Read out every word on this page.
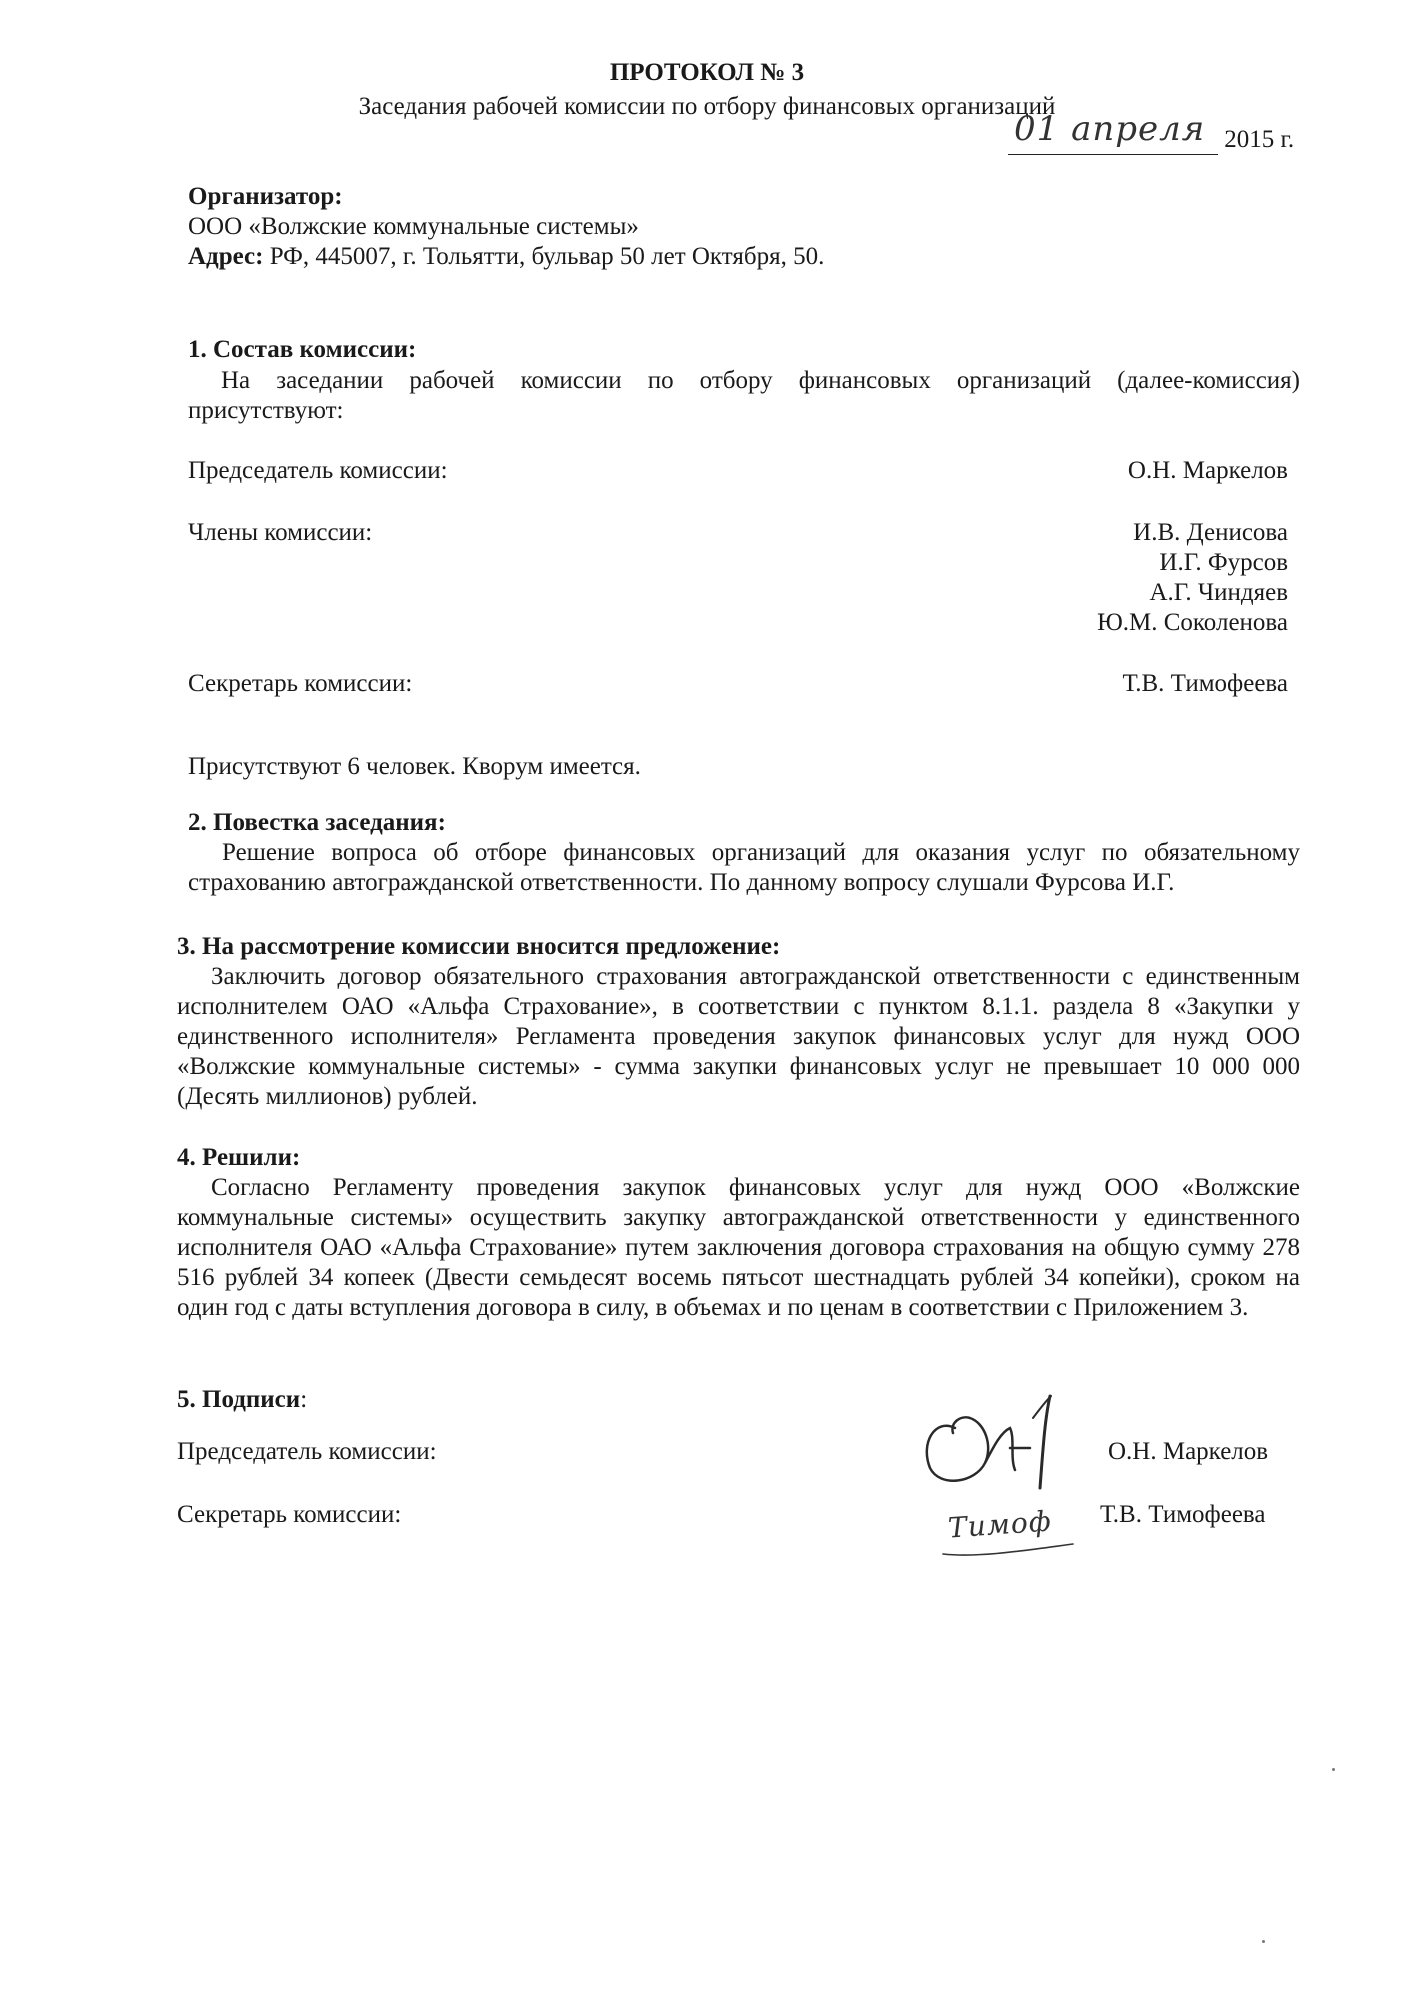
ПРОТОКОЛ № 3
Заседания рабочей комиссии по отбору финансовых организаций
01 апреля 2015 г.
Организатор:
ООО «Волжские коммунальные системы»
Адрес: РФ, 445007, г. Тольятти, бульвар 50 лет Октября, 50.
1. Состав комиссии:
На заседании рабочей комиссии по отбору финансовых организаций (далее-комиссия)
присутствуют:
Председатель комиссии:	О.Н. Маркелов
Члены комиссии:	И.В. Денисова
И.Г. Фурсов
А.Г. Чиндяев
Ю.М. Соколенова
Секретарь комиссии:	Т.В. Тимофеева
Присутствуют 6 человек. Кворум имеется.
2. Повестка заседания:
Решение вопроса об отборе финансовых организаций для оказания услуг по обязательному страхованию автогражданской ответственности. По данному вопросу слушали Фурсова И.Г.
3. На рассмотрение комиссии вносится предложение:
Заключить договор обязательного страхования автогражданской ответственности с единственным исполнителем ОАО «Альфа Страхование», в соответствии с пунктом 8.1.1. раздела 8 «Закупки у единственного исполнителя» Регламента проведения закупок финансовых услуг для нужд ООО «Волжские коммунальные системы» - сумма закупки финансовых услуг не превышает 10 000 000 (Десять миллионов) рублей.
4. Решили:
Согласно Регламенту проведения закупок финансовых услуг для нужд ООО «Волжские коммунальные системы» осуществить закупку автогражданской ответственности у единственного исполнителя ОАО «Альфа Страхование» путем заключения договора страхования на общую сумму 278 516 рублей 34 копеек (Двести семьдесят восемь пятьсот шестнадцать рублей 34 копейки), сроком на один год с даты вступления договора в силу, в объемах и по ценам в соответствии с Приложением 3.
5. Подписи:
Председатель комиссии:	О.Н. Маркелов
Секретарь комиссии:	Т.В. Тимофеева
Тимоф
